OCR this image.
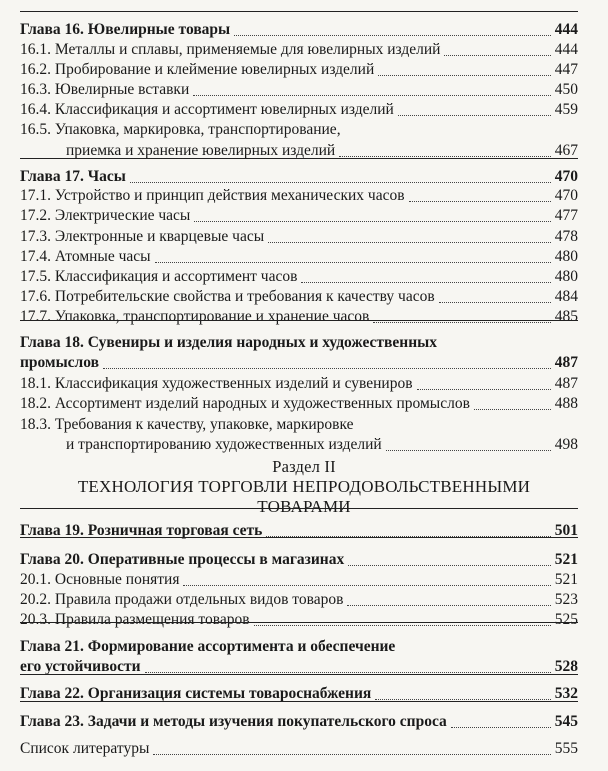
Раздел II
ТЕХНОЛОГИЯ ТОРГОВЛИ НЕПРОДОВОЛЬСТВЕННЫМИ
ТОВАРАМИ
Глава 16. Ювелирные товары	444
16.1. Металлы и сплавы, применяемые для ювелирных изделий	444
16.2. Пробирование и клеймение ювелирных изделий	447
16.3. Ювелирные вставки	450
16.4. Классификация и ассортимент ювелирных изделий	459
16.5. Упаковка, маркировка, транспортирование,
приемка и хранение ювелирных изделий	467
Глава 17. Часы	470
17.1. Устройство и принцип действия механических часов	470
17.2. Электрические часы	477
17.3. Электронные и кварцевые часы	478
17.4. Атомные часы	480
17.5. Классификация и ассортимент часов	480
17.6. Потребительские свойства и требования к качеству часов	484
17.7. Упаковка, транспортирование и хранение часов	485
Глава 18. Сувениры и изделия народных и художественных
промыслов	487
18.1. Классификация художественных изделий и сувениров	487
18.2. Ассортимент изделий народных и художественных промыслов	488
18.3. Требования к качеству, упаковке, маркировке
и транспортированию художественных изделий	498
Глава 19. Розничная торговая сеть	501
Глава 20. Оперативные процессы в магазинах	521
20.1. Основные понятия	521
20.2. Правила продажи отдельных видов товаров	523
20.3. Правила размещения товаров	525
Глава 21. Формирование ассортимента и обеспечение
его устойчивости	528
Глава 22. Организация системы товароснабжения	532
Глава 23. Задачи и методы изучения покупательского спроса	545
Список литературы	555
